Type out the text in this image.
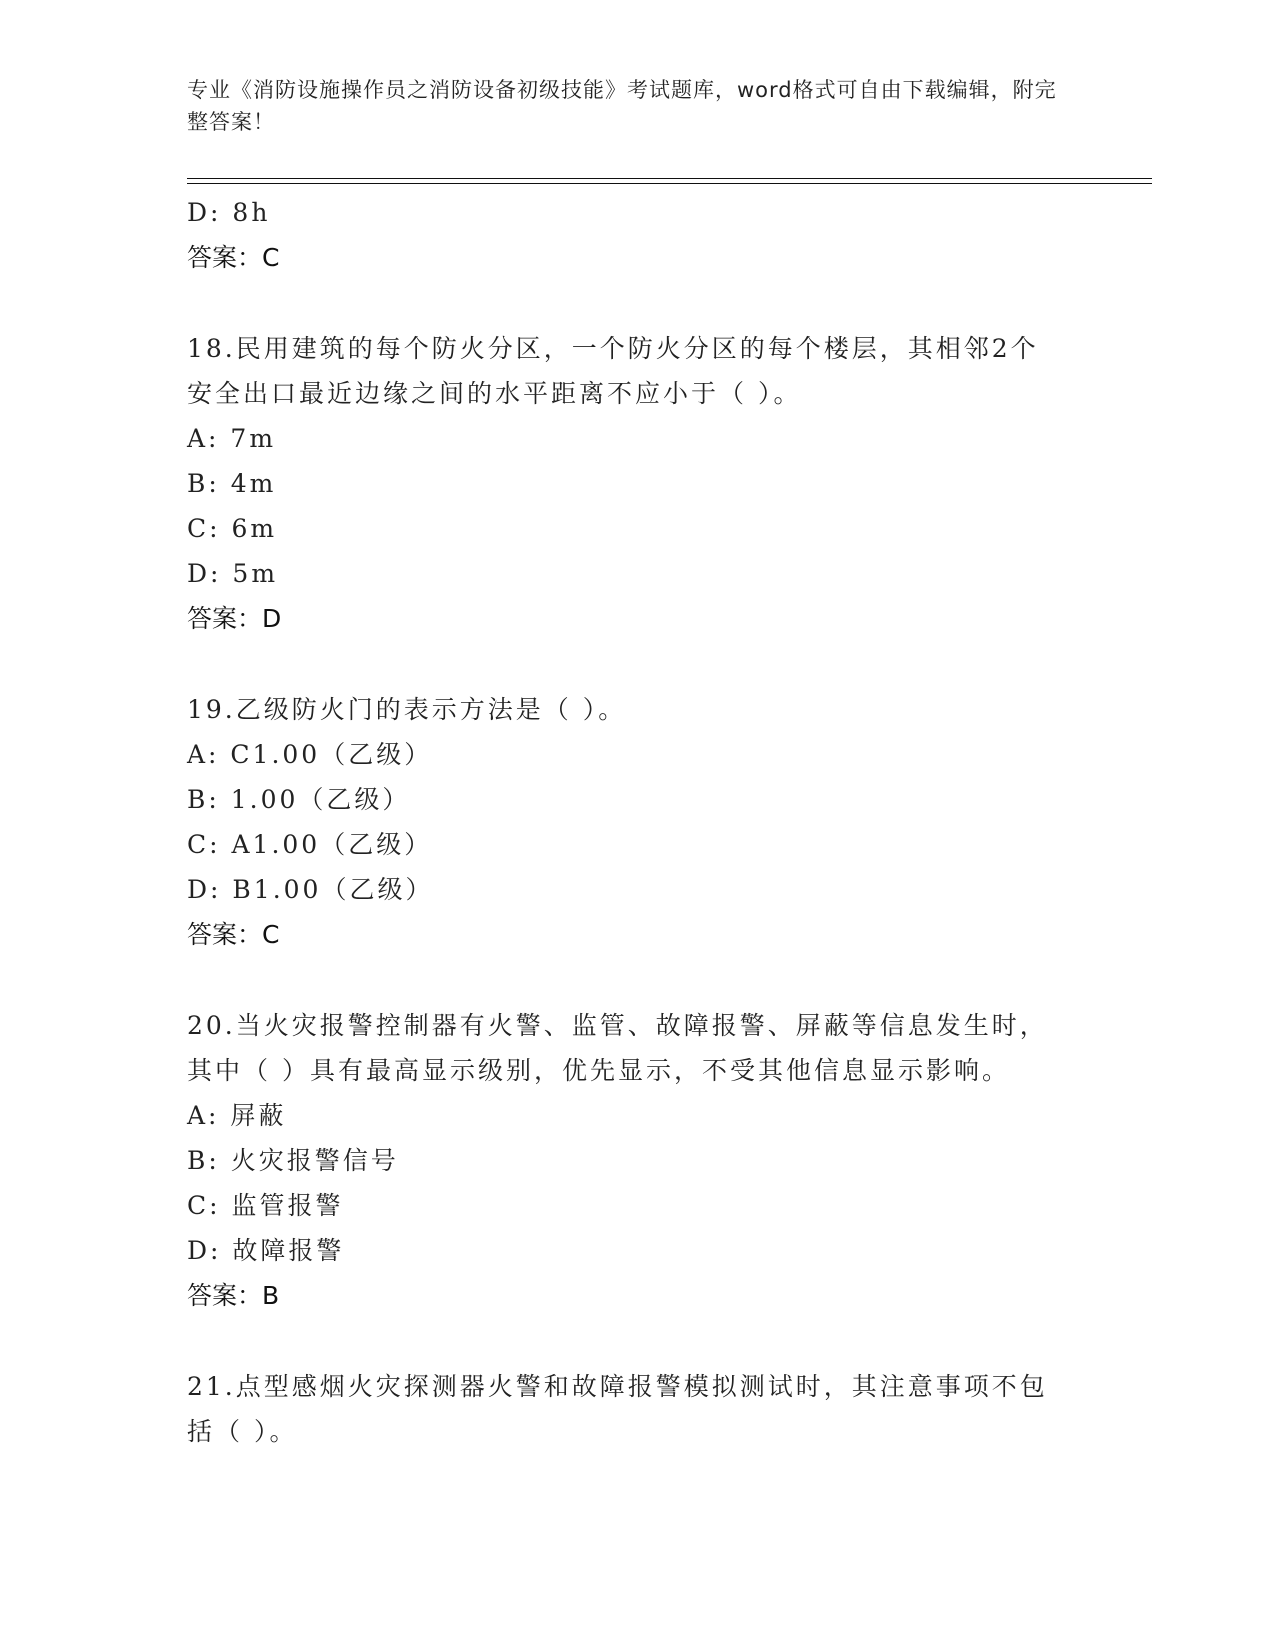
专业《消防设施操作员之消防设备初级技能》考试题库，word格式可自由下载编辑，附完整答案！
D: 8h
答案：C
18.民用建筑的每个防火分区，一个防火分区的每个楼层，其相邻2个
安全出口最近边缘之间的水平距离不应小于（ ）。
A: 7m
B: 4m
C: 6m
D: 5m
答案：D
19.乙级防火门的表示方法是（ ）。
A: C1.00（乙级）
B: 1.00（乙级）
C: A1.00（乙级）
D: B1.00（乙级）
答案：C
20.当火灾报警控制器有火警、监管、故障报警、屏蔽等信息发生时，
其中（ ）具有最高显示级别，优先显示，不受其他信息显示影响。
A: 屏蔽
B: 火灾报警信号
C: 监管报警
D: 故障报警
答案：B
21.点型感烟火灾探测器火警和故障报警模拟测试时，其注意事项不包
括（ ）。
